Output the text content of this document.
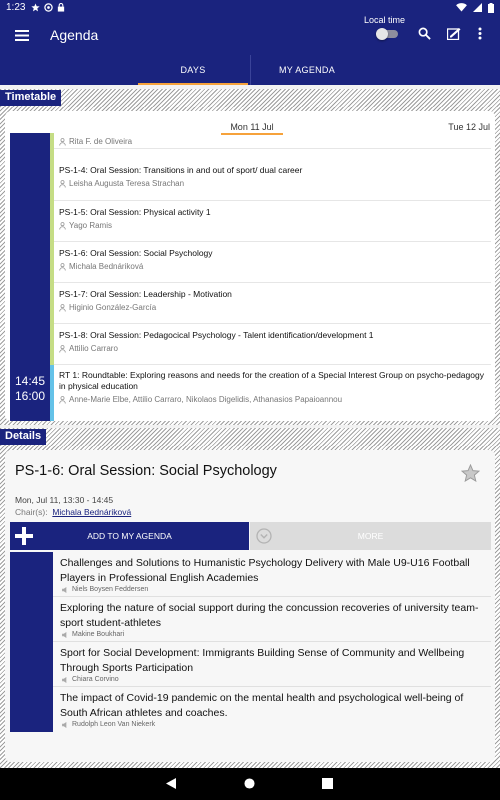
1:23
Agenda
Local time
DAYS	MY AGENDA
Timetable
Mon 11 Jul	Tue 12 Jul
14:45
16:00
Rita F. de Oliveira
PS-1-4: Oral Session: Transitions in and out of sport/ dual career
Leisha Augusta Teresa Strachan
PS-1-5: Oral Session: Physical activity 1
Yago Ramis
PS-1-6: Oral Session: Social Psychology
Michala Bednáriková
PS-1-7: Oral Session: Leadership - Motivation
Higinio González-García
PS-1-8: Oral Session: Pedagocical Psychology - Talent identification/development 1
Attilio Carraro
RT 1: Roundtable: Exploring reasons and needs for the creation of a Special Interest Group on psycho-pedagogy in physical education
Anne-Marie Elbe, Attilio Carraro, Nikolaos Digelidis, Athanasios Papaioannou
Details
PS-1-6: Oral Session: Social Psychology
Mon, Jul 11, 13:30 - 14:45
Chair(s): Michala Bednáriková
ADD TO MY AGENDA	MORE
Challenges and Solutions to Humanistic Psychology Delivery with Male U9-U16 Football Players in Professional English Academies
Niels Boysen Feddersen
Exploring the nature of social support during the concussion recoveries of university team-sport student-athletes
Makine Boukhari
Sport for Social Development: Immigrants Building Sense of Community and Wellbeing Through Sports Participation
Chiara Corvino
The impact of Covid-19 pandemic on the mental health and psychological well-being of South African athletes and coaches.
Rudolph Leon Van Niekerk
